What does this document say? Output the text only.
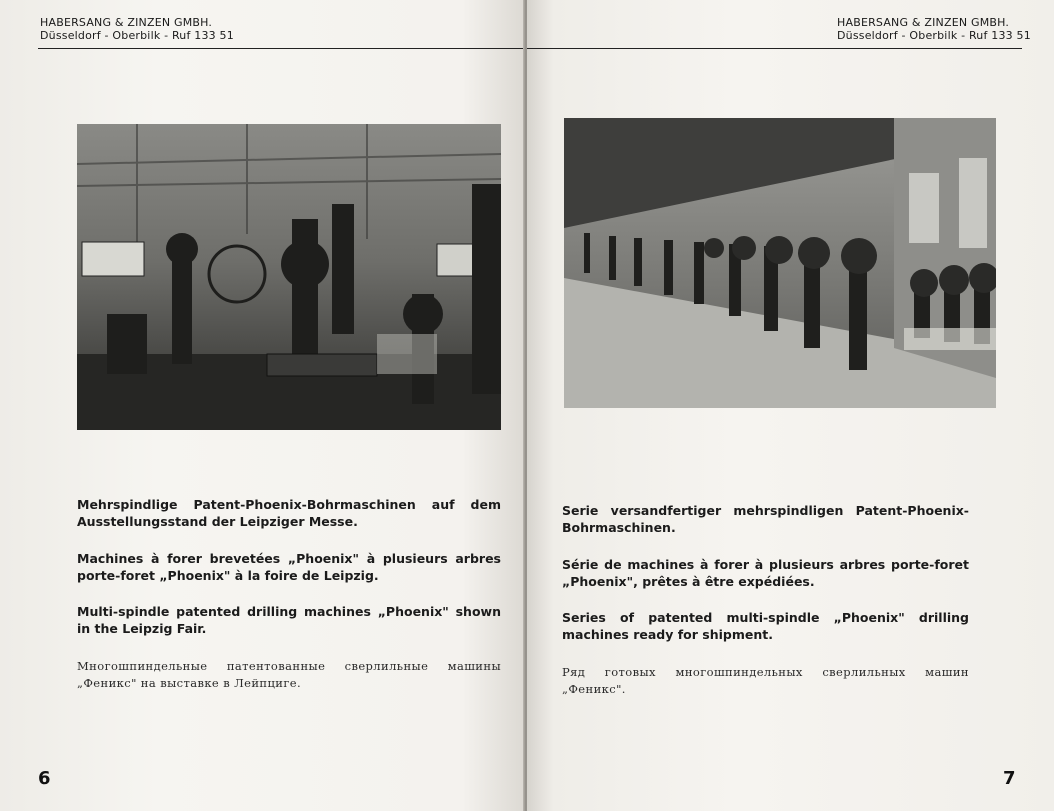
HABERSANG & ZINZEN GMBH.
Düsseldorf - Oberbilk - Ruf 133 51

Mehrspindlige Patent-Phoenix-Bohrmaschinen auf dem Ausstellungsstand der Leipziger Messe.

Machines à forer brevetées „Phoenix" à plusieurs arbres porte-foret „Phoenix" à la foire de Leipzig.

Multi-spindle patented drilling machines „Phoenix" shown in the Leipzig Fair.

Многошпиндельные патентованные сверлильные машины „Феникс" на выставке в Лейпциге.

6
HABERSANG & ZINZEN GMBH.
Düsseldorf - Oberbilk - Ruf 133 51

Serie versandfertiger mehrspindligen Patent-Phoenix-Bohrmaschinen.

Série de machines à forer à plusieurs arbres porte-foret „Phoenix", prêtes à être expédiées.

Series of patented multi-spindle „Phoenix" drilling machines ready for shipment.

Ряд готовых многошпиндельных сверлильных машин „Феникс".

7
